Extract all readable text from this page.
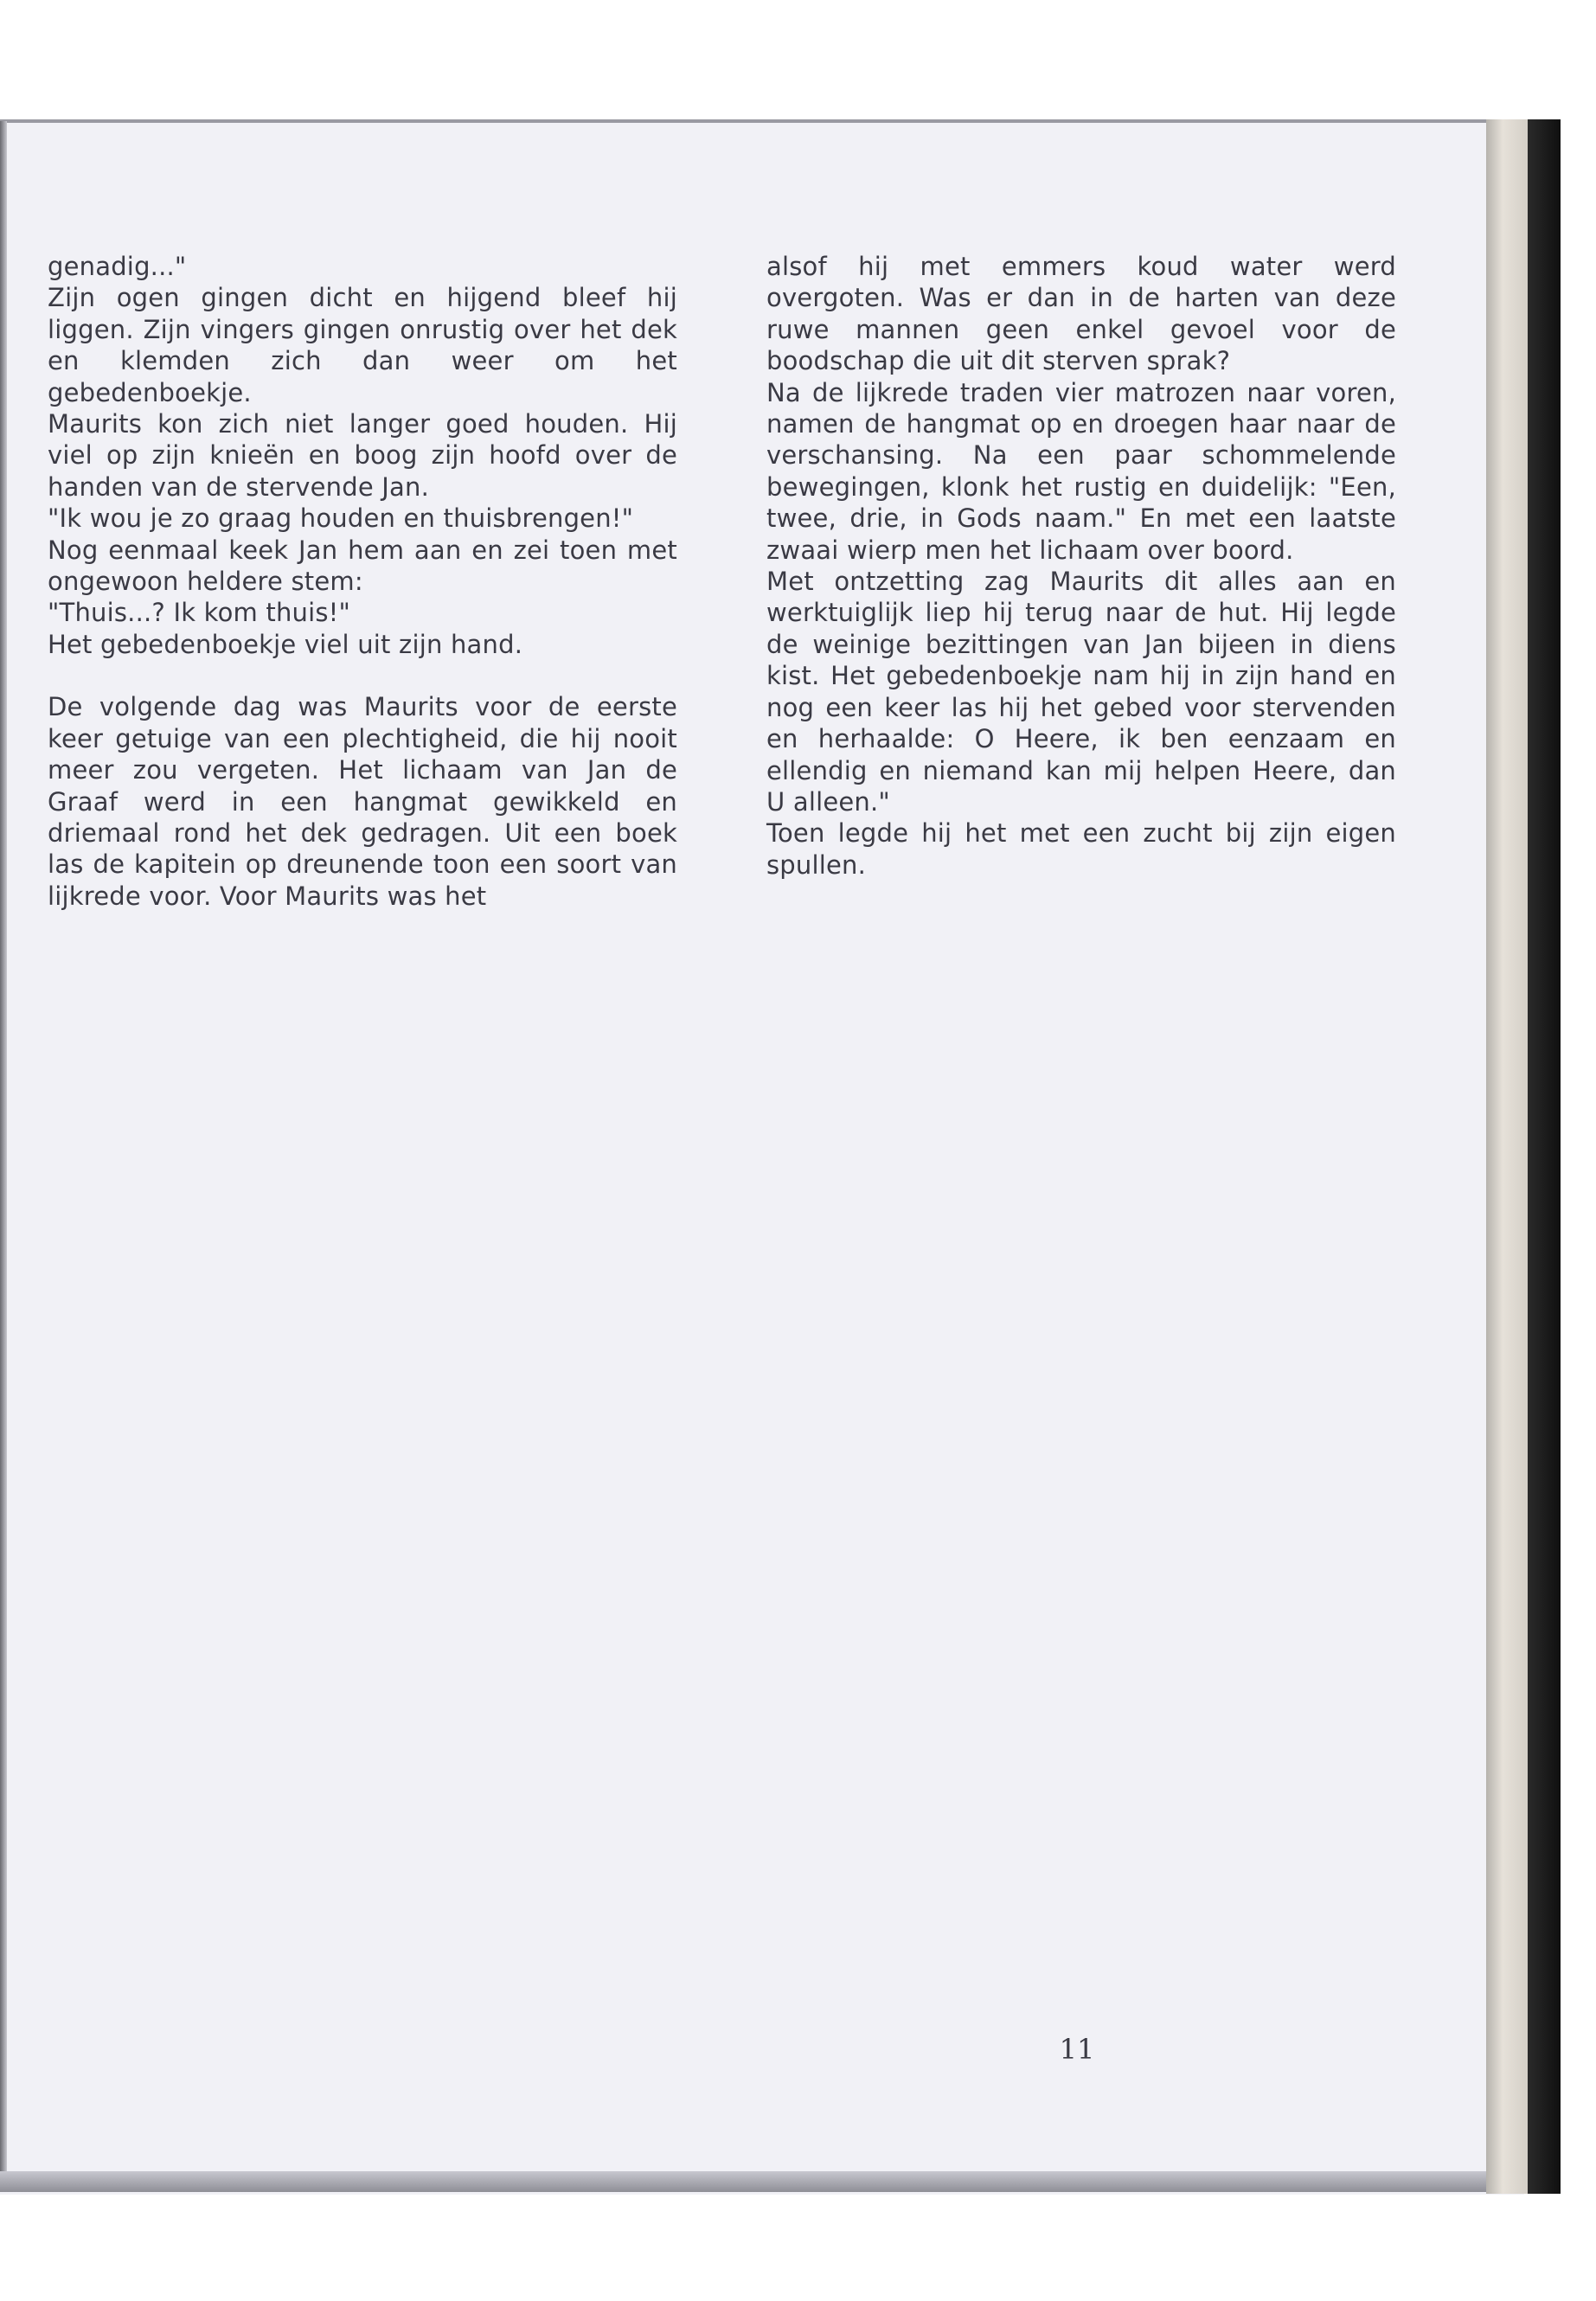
genadig..."

Zijn ogen gingen dicht en hijgend bleef hij liggen. Zijn vingers gingen onrustig over het dek en klemden zich dan weer om het gebedenboekje.

Maurits kon zich niet langer goed houden. Hij viel op zijn knieën en boog zijn hoofd over de handen van de stervende Jan.

"Ik wou je zo graag houden en thuisbrengen!"

Nog eenmaal keek Jan hem aan en zei toen met ongewoon heldere stem:

"Thuis...? Ik kom thuis!"

Het gebedenboekje viel uit zijn hand.

De volgende dag was Maurits voor de eerste keer getuige van een plechtigheid, die hij nooit meer zou vergeten. Het lichaam van Jan de Graaf werd in een hangmat gewikkeld en driemaal rond het dek gedragen. Uit een boek las de kapitein op dreunende toon een soort van lijkrede voor. Voor Maurits was het

alsof hij met emmers koud water werd overgoten. Was er dan in de harten van deze ruwe mannen geen enkel gevoel voor de boodschap die uit dit sterven sprak?

Na de lijkrede traden vier matrozen naar voren, namen de hangmat op en droegen haar naar de verschansing. Na een paar schommelende bewegingen, klonk het rustig en duidelijk: "Een, twee, drie, in Gods naam." En met een laatste zwaai wierp men het lichaam over boord.

Met ontzetting zag Maurits dit alles aan en werktuiglijk liep hij terug naar de hut. Hij legde de weinige bezittingen van Jan bijeen in diens kist. Het gebedenboekje nam hij in zijn hand en nog een keer las hij het gebed voor stervenden en herhaalde: O Heere, ik ben eenzaam en ellendig en niemand kan mij helpen Heere, dan U alleen."

Toen legde hij het met een zucht bij zijn eigen spullen.

11
